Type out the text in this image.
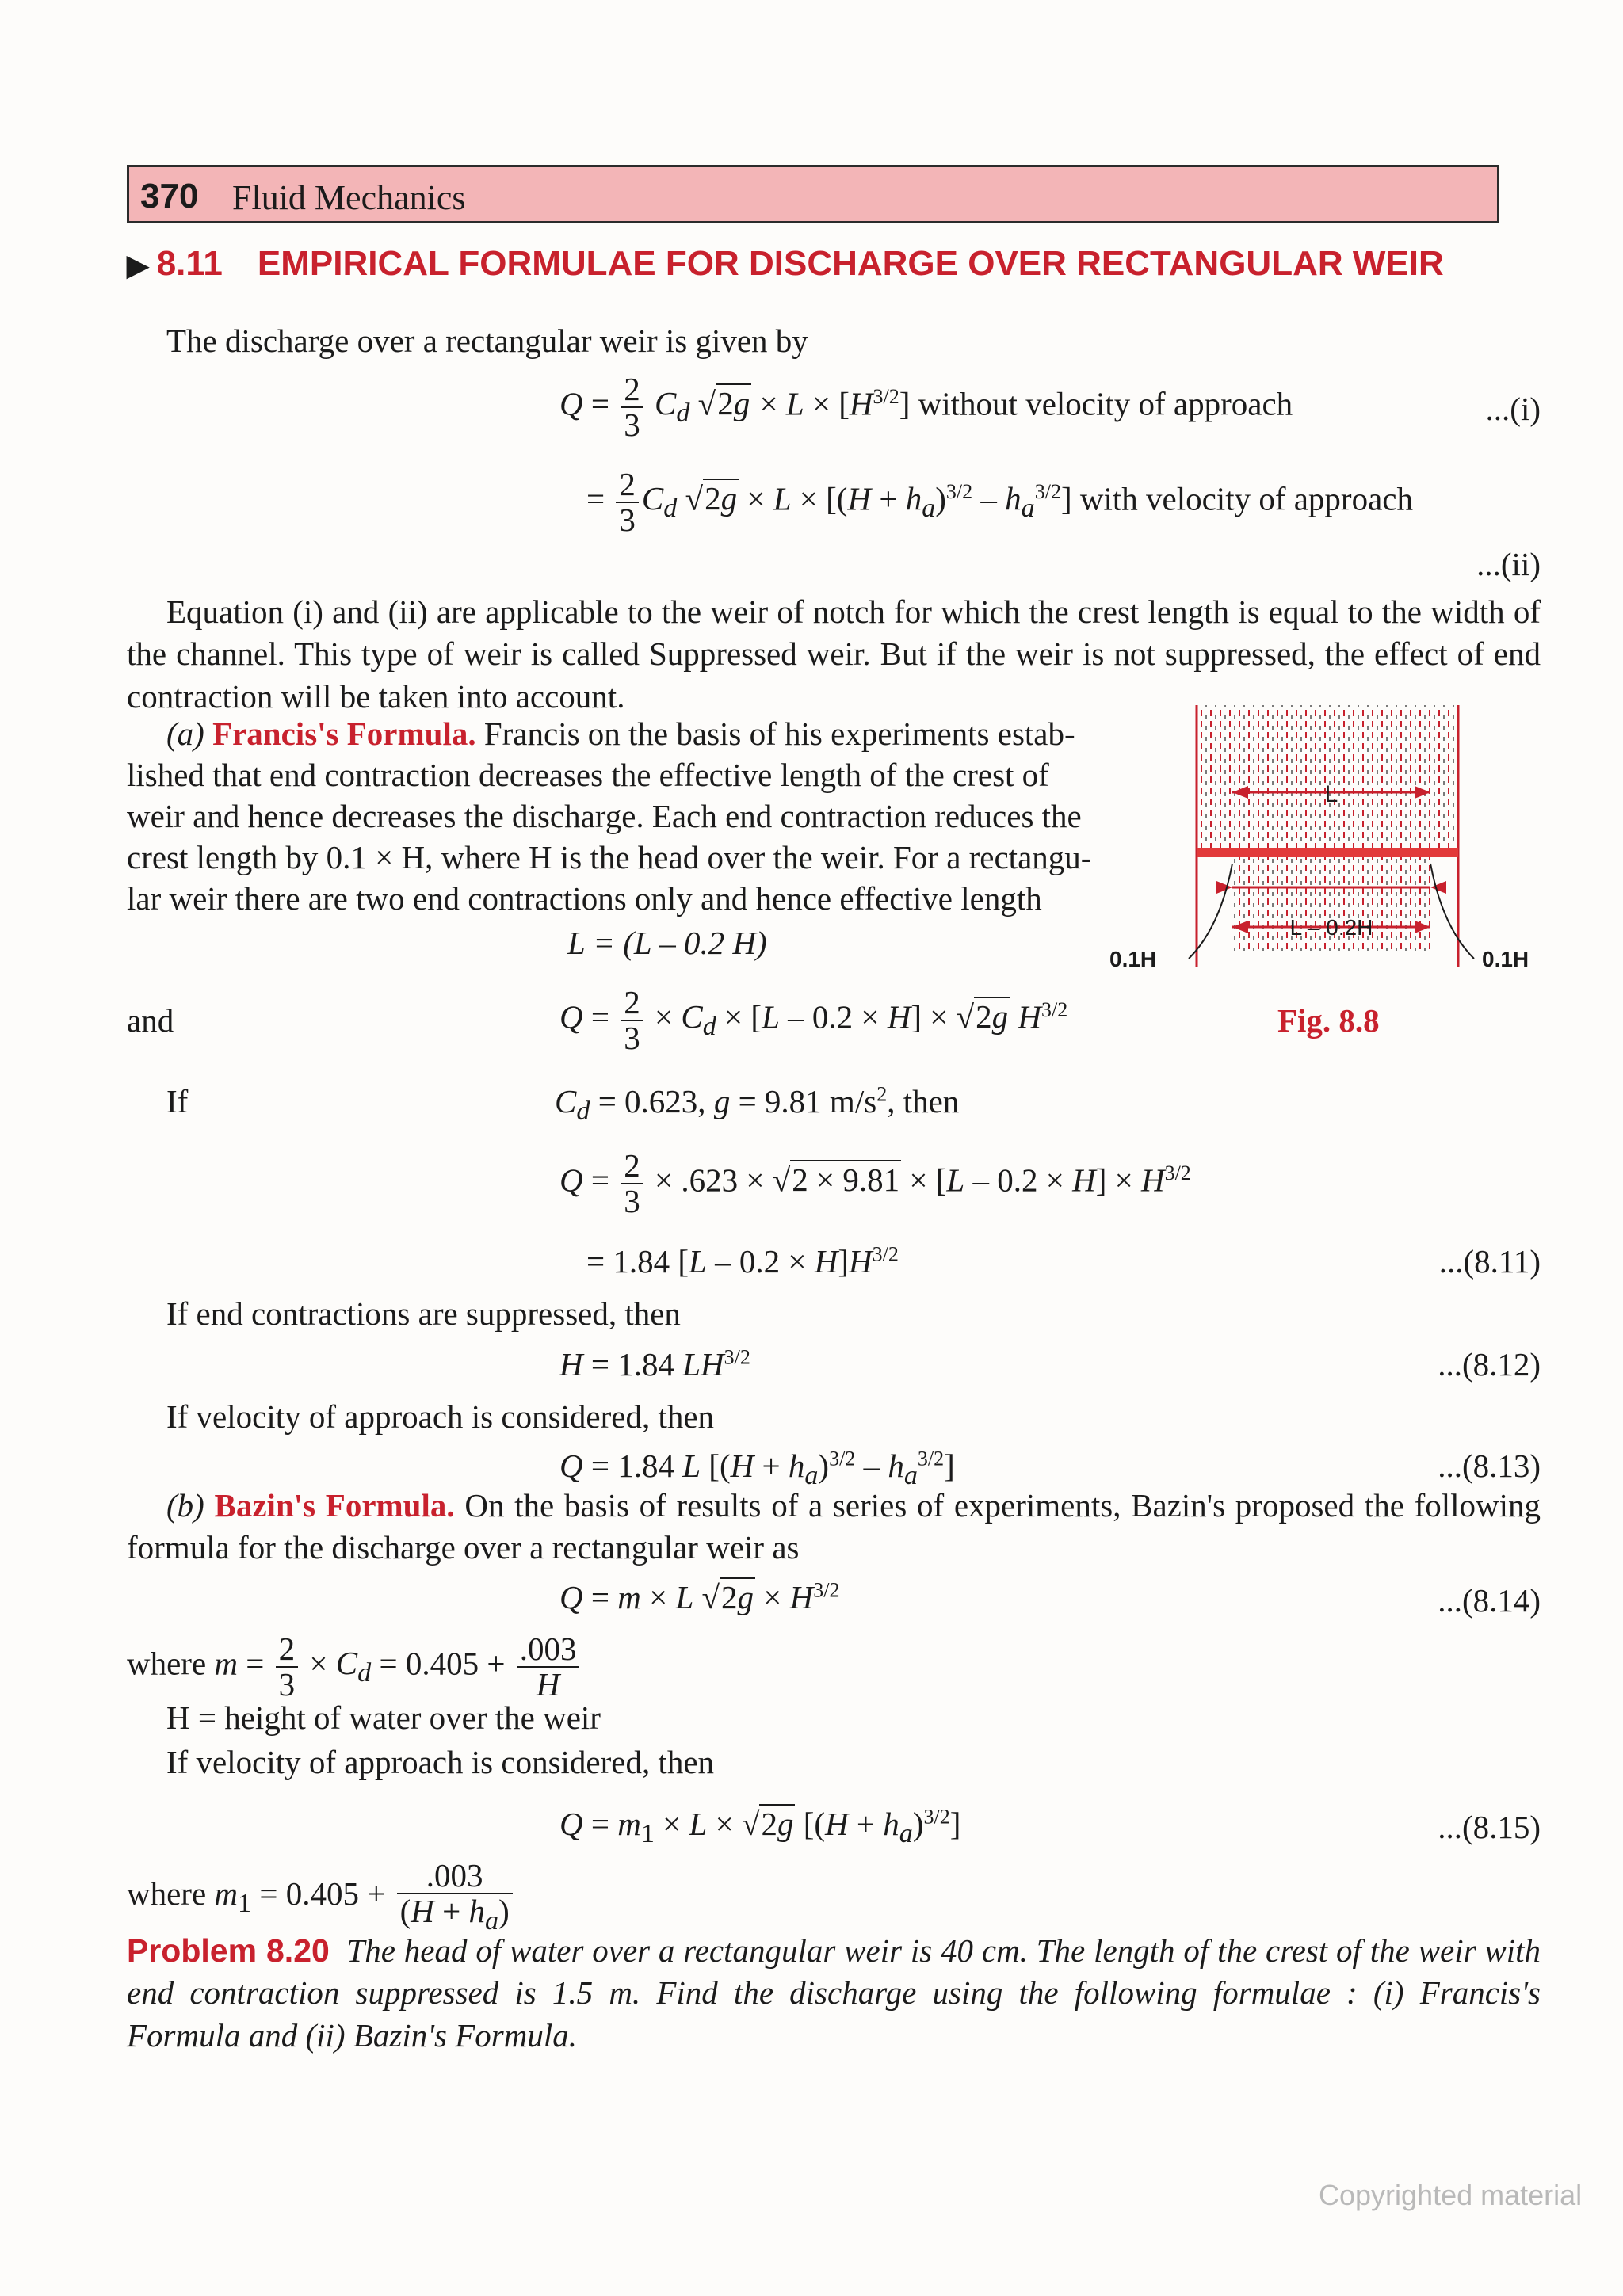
370 Fluid Mechanics
▶ 8.11 EMPIRICAL FORMULAE FOR DISCHARGE OVER RECTANGULAR WEIR
The discharge over a rectangular weir is given by
$Q = \frac{2}{3} C_d$ $√2g \times L \times [H^{3/2}]$ without velocity of approach	...(i)
= $\frac{2}{3} C_d$ $√2g \times L \times [(H + h_a)^{3/2} - h_a^{3/2}]$ with velocity of approach
...(ii)
Equation (i) and (ii) are applicable to the weir of notch for which the crest length is equal to the width of the channel. This type of weir is called Suppressed weir. But if the weir is not suppressed, the effect of end contraction will be taken into account.
(a) Francis's Formula. Francis on the basis of his experiments estab-
lished that end contraction decreases the effective length of the crest of
weir and hence decreases the discharge. Each end contraction reduces the
crest length by 0.1 × H, where H is the head over the weir. For a rectangu-
lar weir there are two end contractions only and hence effective length
L
L – 0.2H
0.1H	0.1H
Fig. 8.8
L = (L – 0.2 H)
and	$Q = \frac{2}{3} \times C_d \times [L - 0.2 \times H] \times √2g$ $H^{3/2}$
If	$C_d = 0.623$, g = 9.81 $m/s^2$, then
$Q = \frac{2}{3} \times .623 \times √2 \times 9.81 \times [L - 0.2 \times H] \times H^{3/2}$
= 1.84 $[L - 0.2 \times H]H^{3/2}$	...(8.11)
If end contractions are suppressed, then
H = 1.84 $LH^{3/2}$	...(8.12)
If velocity of approach is considered, then
Q = 1.84 L $[(H + h_a)^{3/2} - h_a^{3/2}]$	...(8.13)
(b) Bazin's Formula. On the basis of results of a series of experiments, Bazin's proposed the following formula for the discharge over a rectangular weir as
Q = m × L $√2g \times H^{3/2}$	...(8.14)
where $m = \frac{2}{3} \times C_d = 0.405 + \frac{.003}{H}$
H = height of water over the weir
If velocity of approach is considered, then
$Q = m_1 \times L \times √2g$ $[(H + h_a)^{3/2}]$	...(8.15)
where $m_1 = 0.405 + \frac{.003}{(H + h_a)}$
Problem 8.20 The head of water over a rectangular weir is 40 cm. The length of the crest of the weir with end contraction suppressed is 1.5 m. Find the discharge using the following formulae : (i) Francis's Formula and (ii) Bazin's Formula.
Copyrighted material
